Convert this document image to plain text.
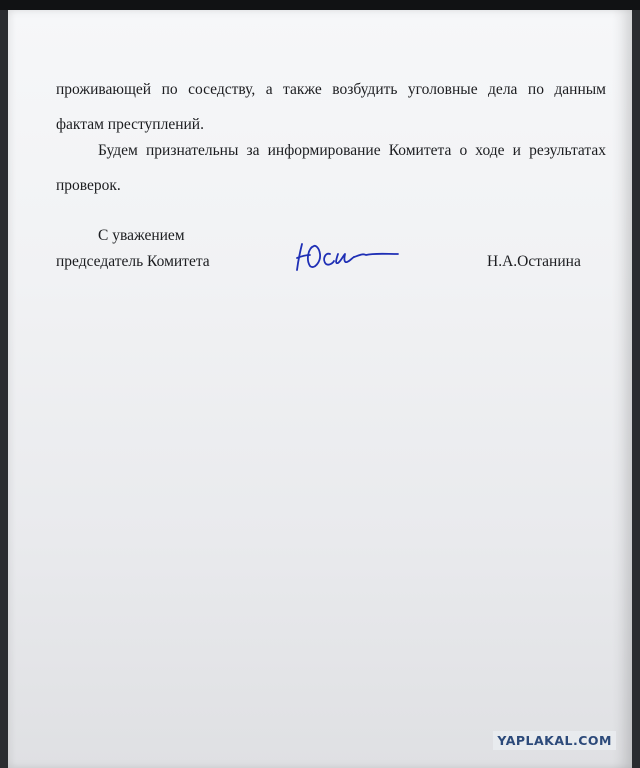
проживающей по соседству, а также возбудить уголовные дела по данным
фактам преступлений.
Будем признательны за информирование Комитета о ходе и результатах
проверок.
С уважением
председатель Комитета	Н.А.Останина
YAPLAKAL.COM
